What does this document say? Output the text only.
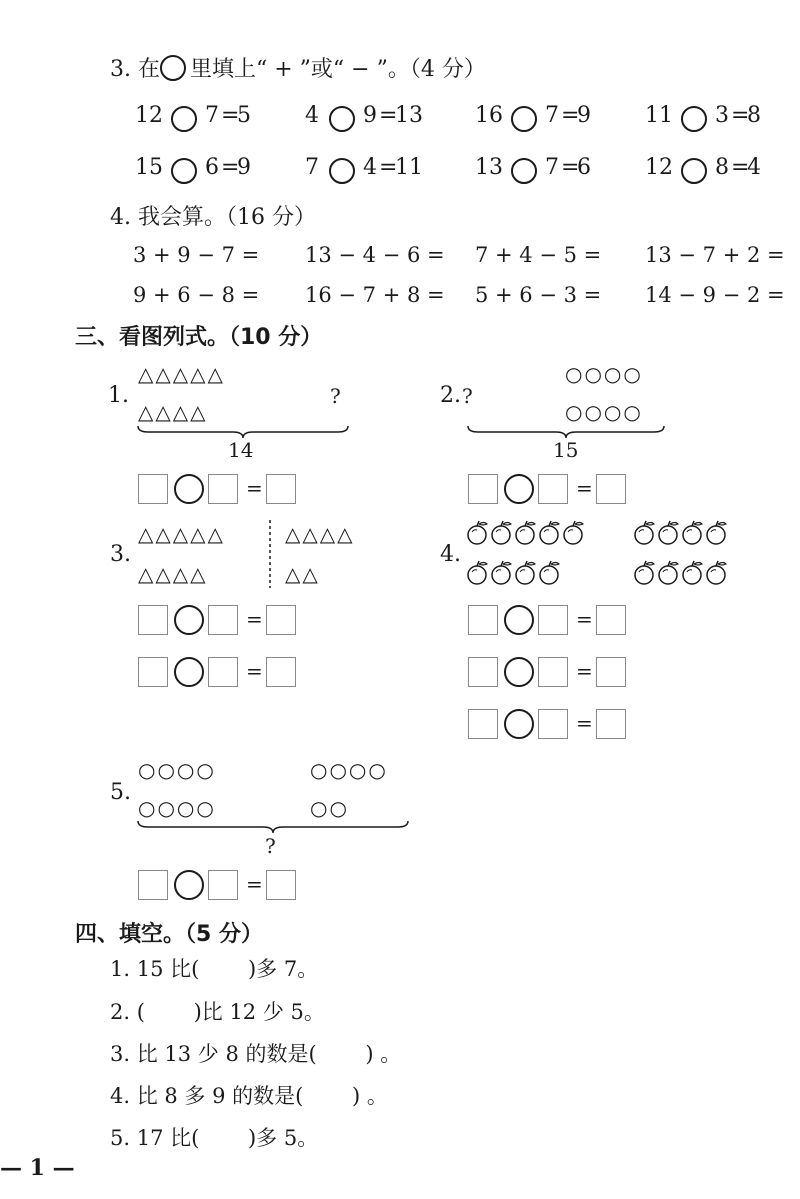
3. 在 里填上“ + ”或“ − ”。（4 分）
12 7 =
5 4 9 =
13 16 7 =
9 11 3 =
8
15 6 =
9 7 4 =
11 13 7 =
6 12 8 =
4
4. 我会算。（16 分）
3 + 9 − 7 = 13 − 4 − 6 = 7 + 4 − 5 = 13 − 7 + 2 =
9 + 6 − 8 = 16 − 7 + 8 = 5 + 6 − 3 = 14 − 9 − 2 =
三、看图列式。（10 分）
1.
△△△△△
△△△△
?
14
=
2. ?
○○○○
○○○○
15
=
3.
△△△△△
△△△△
△△△△
△△
=
=
4.
=
=
=
5.
○○○○
○○○○
○○○○
○○
?
=
四、填空。（5 分）
1. 15 比(　　 )多 7。
2. (　　 )比 12 少 5。
3. 比 13 少 8 的数是(　　 ) 。
4. 比 8 多 9 的数是(　　 ) 。
5. 17 比(　　 )多 5。
— 1 —
